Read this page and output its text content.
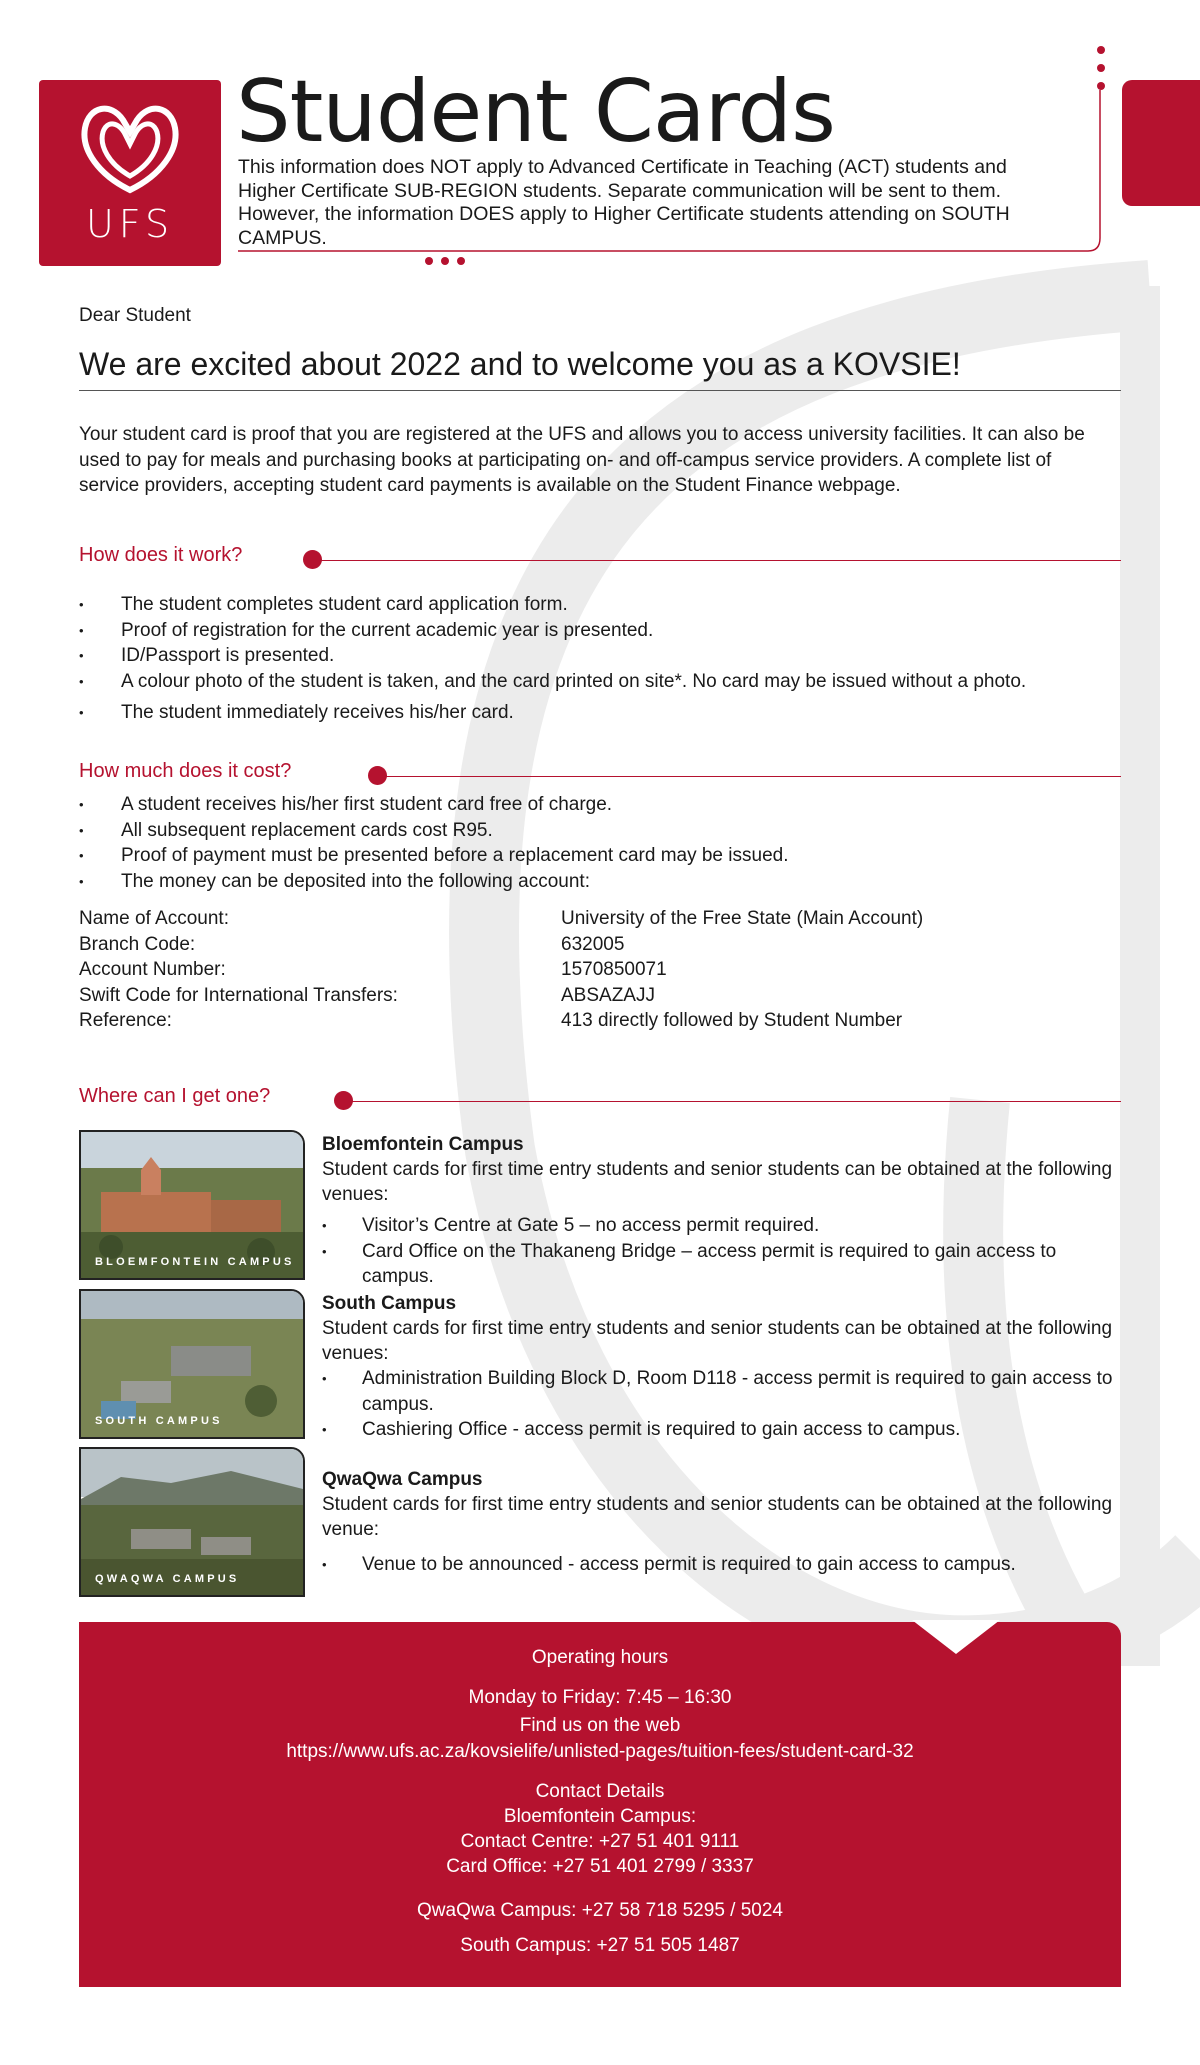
UFS
Student Cards
This information does NOT apply to Advanced Certificate in Teaching (ACT) students and Higher Certificate SUB-REGION students. Separate communication will be sent to them. However, the information DOES apply to Higher Certificate students attending on SOUTH CAMPUS.
Dear Student
We are excited about 2022 and to welcome you as a KOVSIE!
Your student card is proof that you are registered at the UFS and allows you to access university facilities. It can also be used to pay for meals and purchasing books at participating on- and off-campus service providers. A complete list of service providers, accepting student card payments is available on the Student Finance webpage.
How does it work?
• The student completes student card application form.
• Proof of registration for the current academic year is presented.
• ID/Passport is presented.
• A colour photo of the student is taken, and the card printed on site*. No card may be issued without a photo.
• The student immediately receives his/her card.
How much does it cost?
• A student receives his/her first student card free of charge.
• All subsequent replacement cards cost R95.
• Proof of payment must be presented before a replacement card may be issued.
• The money can be deposited into the following account:
Name of Account:	University of the Free State (Main Account)
Branch Code:	632005
Account Number:	1570850071
Swift Code for International Transfers:	ABSAZAJJ
Reference:	413 directly followed by Student Number
Where can I get one?
BLOEMFONTEIN CAMPUS
Bloemfontein Campus
Student cards for first time entry students and senior students can be obtained at the following venues:
• Visitor’s Centre at Gate 5 – no access permit required.
• Card Office on the Thakaneng Bridge – access permit is required to gain access to campus.
SOUTH CAMPUS
South Campus
Student cards for first time entry students and senior students can be obtained at the following venues:
• Administration Building Block D, Room D118 - access permit is required to gain access to campus.
• Cashiering Office - access permit is required to gain access to campus.
QWAQWA CAMPUS
QwaQwa Campus
Student cards for first time entry students and senior students can be obtained at the following venue:
• Venue to be announced - access permit is required to gain access to campus.
Operating hours
Monday to Friday: 7:45 – 16:30
Find us on the web
https://www.ufs.ac.za/kovsielife/unlisted-pages/tuition-fees/student-card-32
Contact Details
Bloemfontein Campus:
Contact Centre: +27 51 401 9111
Card Office: +27 51 401 2799 / 3337
QwaQwa Campus: +27 58 718 5295 / 5024
South Campus: +27 51 505 1487
